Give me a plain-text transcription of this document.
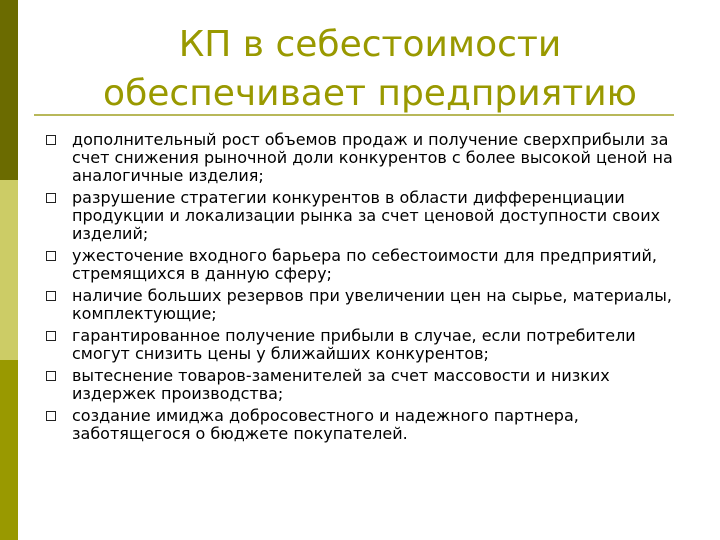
КП в себестоимости
обеспечивает предприятию
дополнительный рост объемов продаж и получение сверхприбыли за счет снижения рыночной доли конкурентов с более высокой ценой на аналогичные изделия;
разрушение стратегии конкурентов в области дифференциации продукции и локализации рынка за счет ценовой доступности своих изделий;
ужесточение входного барьера по себестоимости для предприятий, стремящихся в данную сферу;
наличие больших резервов при увеличении цен на сырье, материалы, комплектующие;
гарантированное получение прибыли в случае, если потребители смогут снизить цены у ближайших конкурентов;
вытеснение товаров-заменителей за счет массовости и низких издержек производства;
создание имиджа добросовестного и надежного партнера, заботящегося о бюджете покупателей.
